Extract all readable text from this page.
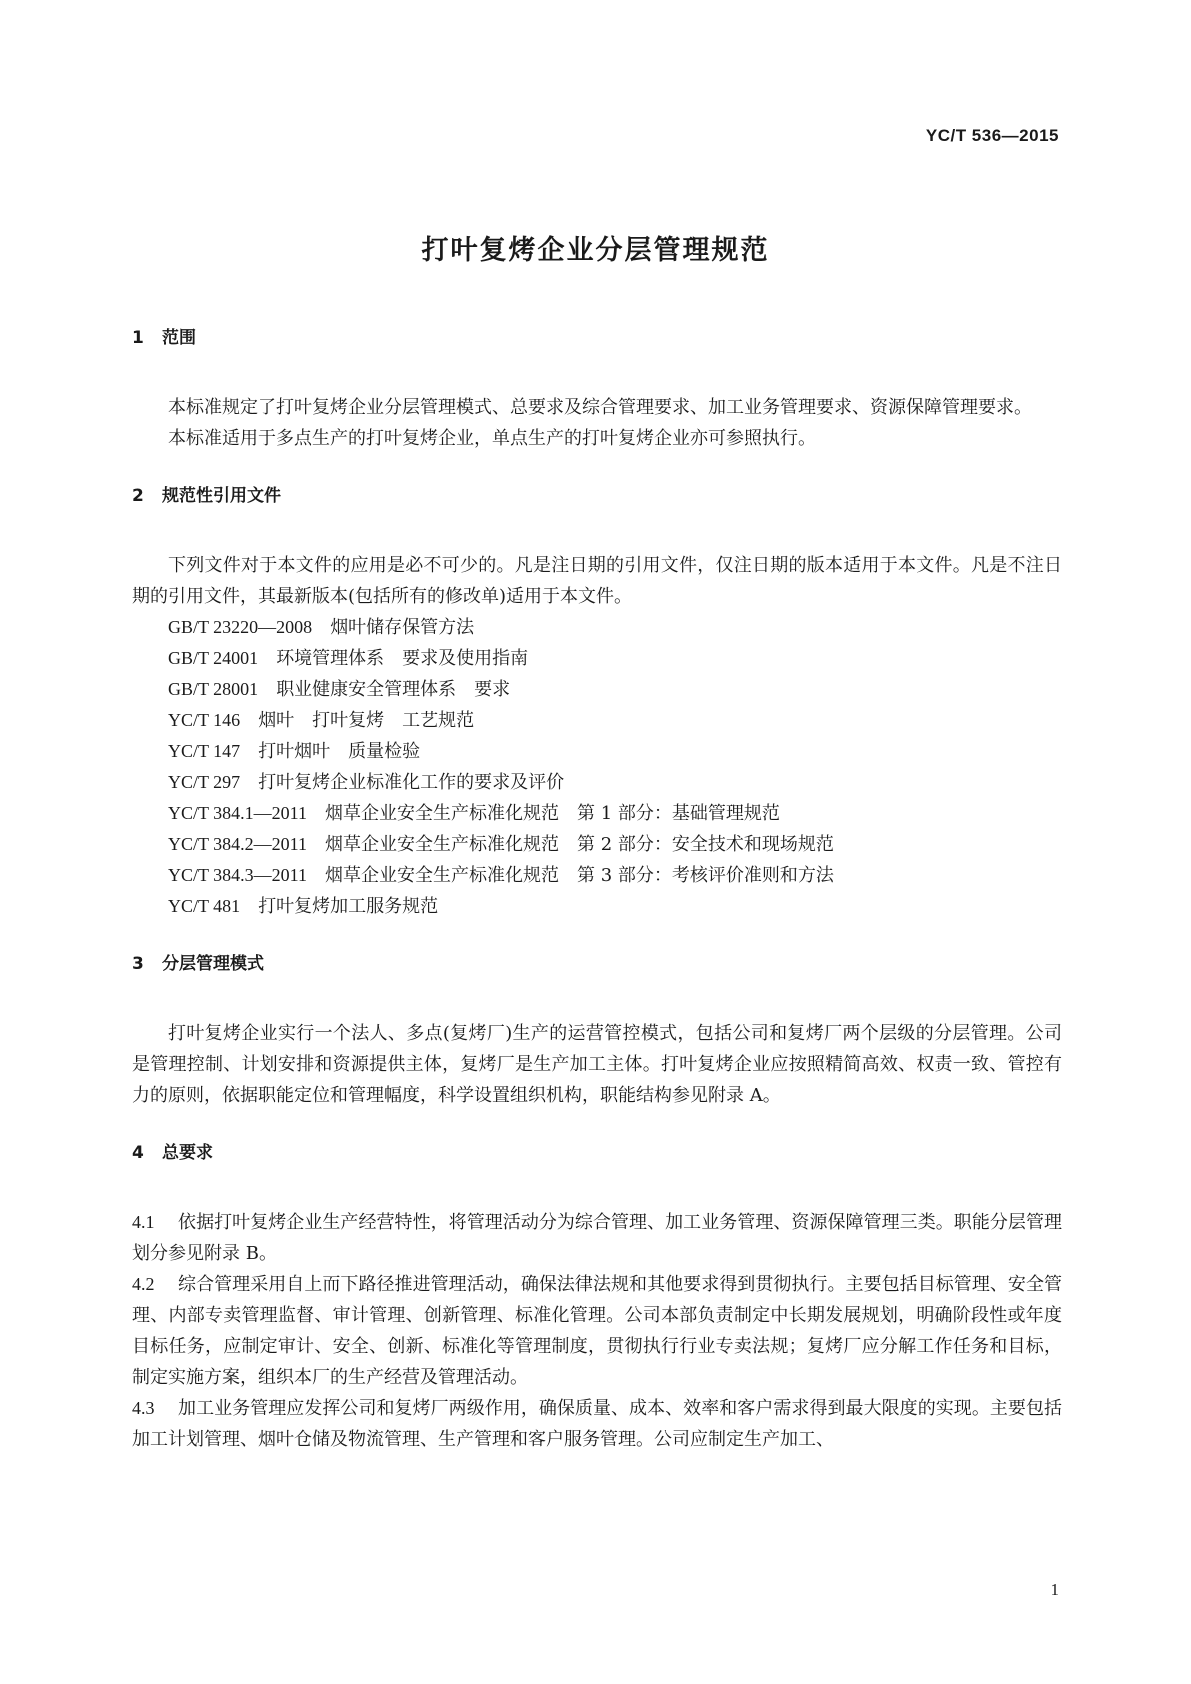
YC/T 536—2015
打叶复烤企业分层管理规范
1 范围

本标准规定了打叶复烤企业分层管理模式、总要求及综合管理要求、加工业务管理要求、资源保障管理要求。

本标准适用于多点生产的打叶复烤企业，单点生产的打叶复烤企业亦可参照执行。

2 规范性引用文件

下列文件对于本文件的应用是必不可少的。凡是注日期的引用文件，仅注日期的版本适用于本文件。凡是不注日期的引用文件，其最新版本(包括所有的修改单)适用于本文件。

GB/T 23220—2008 烟叶储存保管方法
GB/T 24001 环境管理体系　要求及使用指南
GB/T 28001 职业健康安全管理体系　要求
YC/T 146 烟叶　打叶复烤　工艺规范
YC/T 147 打叶烟叶　质量检验
YC/T 297 打叶复烤企业标准化工作的要求及评价
YC/T 384.1—2011 烟草企业安全生产标准化规范　第 1 部分：基础管理规范
YC/T 384.2—2011 烟草企业安全生产标准化规范　第 2 部分：安全技术和现场规范
YC/T 384.3—2011 烟草企业安全生产标准化规范　第 3 部分：考核评价准则和方法
YC/T 481 打叶复烤加工服务规范
3 分层管理模式

打叶复烤企业实行一个法人、多点(复烤厂)生产的运营管控模式，包括公司和复烤厂两个层级的分层管理。公司是管理控制、计划安排和资源提供主体，复烤厂是生产加工主体。打叶复烤企业应按照精简高效、权责一致、管控有力的原则，依据职能定位和管理幅度，科学设置组织机构，职能结构参见附录 A。

4 总要求

4.1 依据打叶复烤企业生产经营特性，将管理活动分为综合管理、加工业务管理、资源保障管理三类。职能分层管理划分参见附录 B。

4.2 综合管理采用自上而下路径推进管理活动，确保法律法规和其他要求得到贯彻执行。主要包括目标管理、安全管理、内部专卖管理监督、审计管理、创新管理、标准化管理。公司本部负责制定中长期发展规划，明确阶段性或年度目标任务，应制定审计、安全、创新、标准化等管理制度，贯彻执行行业专卖法规；复烤厂应分解工作任务和目标，制定实施方案，组织本厂的生产经营及管理活动。

4.3 加工业务管理应发挥公司和复烤厂两级作用，确保质量、成本、效率和客户需求得到最大限度的实现。主要包括加工计划管理、烟叶仓储及物流管理、生产管理和客户服务管理。公司应制定生产加工、

1
